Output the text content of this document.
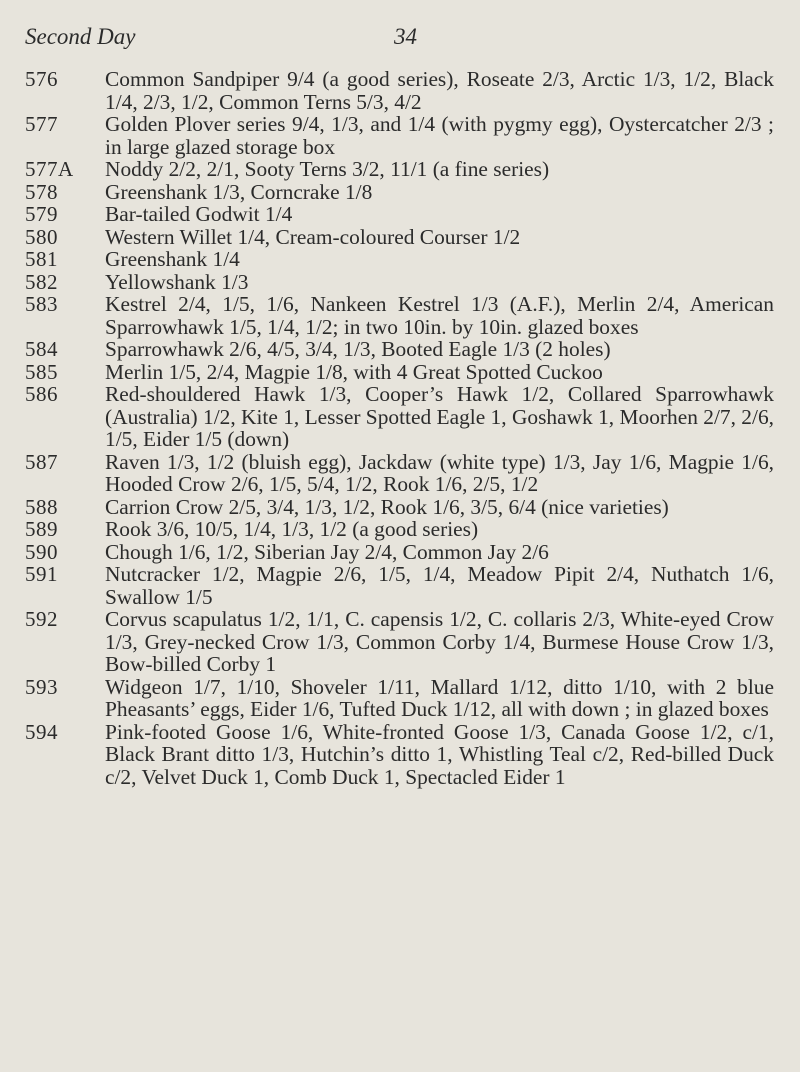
Second Day	34
576	Common Sandpiper 9/4 (a good series), Roseate 2/3, Arctic 1/3, 1/2, Black 1/4, 2/3, 1/2, Common Terns 5/3, 4/2
577	Golden Plover series 9/4, 1/3, and 1/4 (with pygmy egg), Oystercatcher 2/3 ; in large glazed storage box
577A	Noddy 2/2, 2/1, Sooty Terns 3/2, 11/1 (a fine series)
578	Greenshank 1/3, Corncrake 1/8
579	Bar-tailed Godwit 1/4
580	Western Willet 1/4, Cream-coloured Courser 1/2
581	Greenshank 1/4
582	Yellowshank 1/3
583	Kestrel 2/4, 1/5, 1/6, Nankeen Kestrel 1/3 (A.F.), Merlin 2/4, American Sparrowhawk 1/5, 1/4, 1/2; in two 10in. by 10in. glazed boxes
584	Sparrowhawk 2/6, 4/5, 3/4, 1/3, Booted Eagle 1/3 (2 holes)
585	Merlin 1/5, 2/4, Magpie 1/8, with 4 Great Spotted Cuckoo
586	Red-shouldered Hawk 1/3, Cooper’s Hawk 1/2, Collared Sparrowhawk (Australia) 1/2, Kite 1, Lesser Spotted Eagle 1, Goshawk 1, Moorhen 2/7, 2/6, 1/5, Eider 1/5 (down)
587	Raven 1/3, 1/2 (bluish egg), Jackdaw (white type) 1/3, Jay 1/6, Magpie 1/6, Hooded Crow 2/6, 1/5, 5/4, 1/2, Rook 1/6, 2/5, 1/2
588	Carrion Crow 2/5, 3/4, 1/3, 1/2, Rook 1/6, 3/5, 6/4 (nice varieties)
589	Rook 3/6, 10/5, 1/4, 1/3, 1/2 (a good series)
590	Chough 1/6, 1/2, Siberian Jay 2/4, Common Jay 2/6
591	Nutcracker 1/2, Magpie 2/6, 1/5, 1/4, Meadow Pipit 2/4, Nuthatch 1/6, Swallow 1/5
592	Corvus scapulatus 1/2, 1/1, C. capensis 1/2, C. collaris 2/3, White-eyed Crow 1/3, Grey-necked Crow 1/3, Common Corby 1/4, Burmese House Crow 1/3, Bow-billed Corby 1
593	Widgeon 1/7, 1/10, Shoveler 1/11, Mallard 1/12, ditto 1/10, with 2 blue Pheasants’ eggs, Eider 1/6, Tufted Duck 1/12, all with down ; in glazed boxes
594	Pink-footed Goose 1/6, White-fronted Goose 1/3, Canada Goose 1/2, c/1, Black Brant ditto 1/3, Hutchin’s ditto 1, Whistling Teal c/2, Red-billed Duck c/2, Velvet Duck 1, Comb Duck 1, Spectacled Eider 1
